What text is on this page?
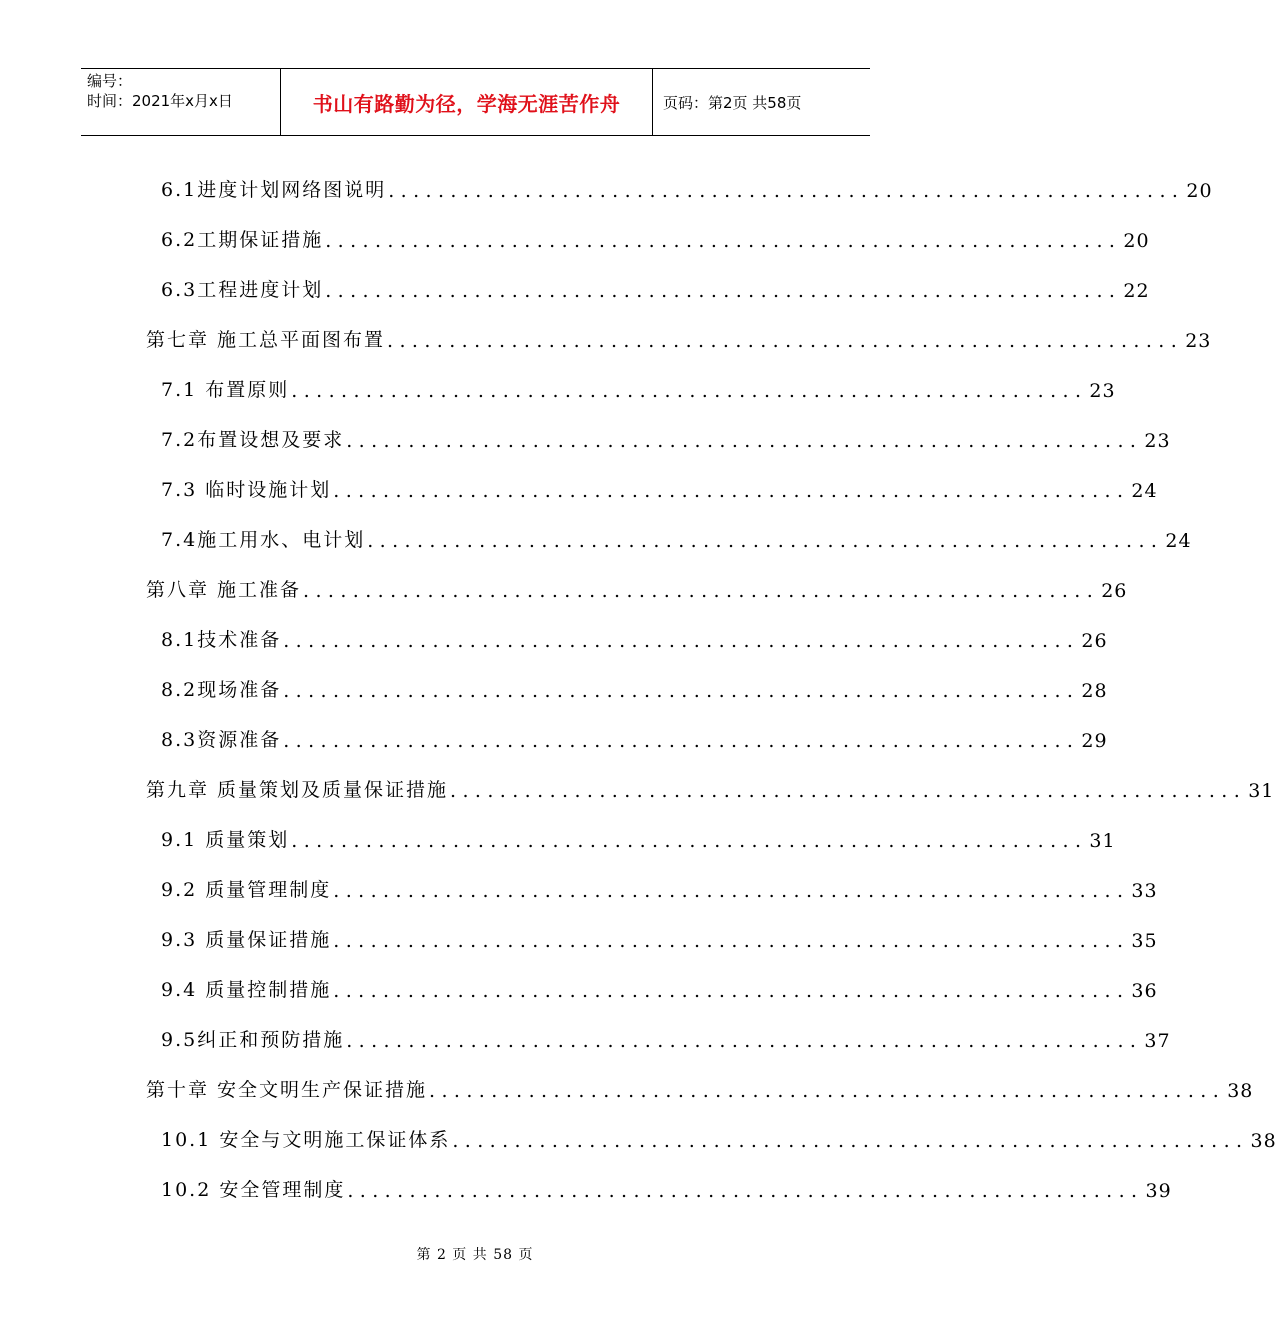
编号：
时间：2021年x月x日	书山有路勤为径，学海无涯苦作舟	页码：第2页 共58页
6.1进度计划网络图说明 ................................................................ 20
6.2工期保证措施 ................................................................ 20
6.3工程进度计划 ................................................................ 22
第七章 施工总平面图布置 ................................................................ 23
7.1 布置原则 ................................................................ 23
7.2布置设想及要求 ................................................................ 23
7.3 临时设施计划 ................................................................ 24
7.4施工用水、电计划 ................................................................ 24
第八章 施工准备 ................................................................ 26
8.1技术准备 ................................................................ 26
8.2现场准备 ................................................................ 28
8.3资源准备 ................................................................ 29
第九章 质量策划及质量保证措施 ................................................................ 31
9.1 质量策划 ................................................................ 31
9.2 质量管理制度 ................................................................ 33
9.3 质量保证措施 ................................................................ 35
9.4 质量控制措施 ................................................................ 36
9.5纠正和预防措施 ................................................................ 37
第十章 安全文明生产保证措施 ................................................................ 38
10.1 安全与文明施工保证体系 ................................................................ 38
10.2 安全管理制度 ................................................................ 39
第 2 页 共 58 页
